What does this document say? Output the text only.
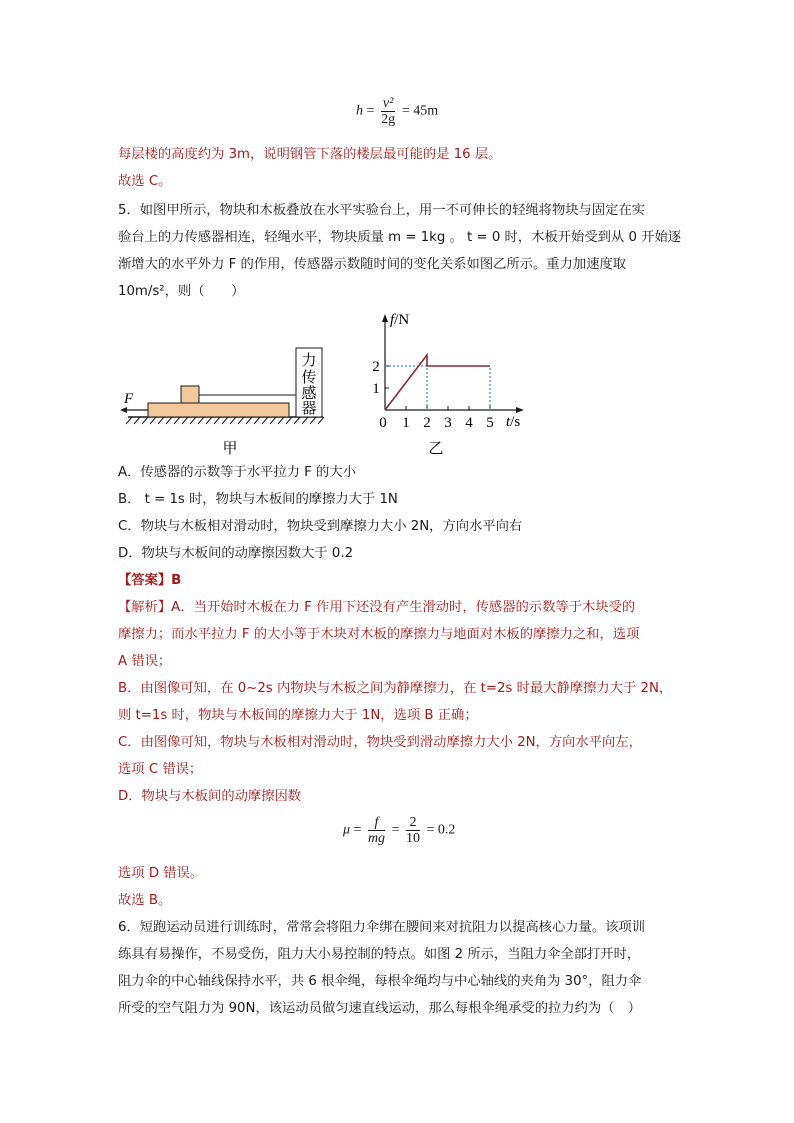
$h = \frac{\text{v²}}{2g} = 45m$
每层楼的高度约为 3m，说明钢管下落的楼层最可能的是 16 层。
故选 C。
5．如图甲所示，物块和木板叠放在水平实验台上，用一不可伸长的轻绳将物块与固定在实
验台上的力传感器相连，轻绳水平，物块质量 m = 1kg 。 t = 0 时，木板开始受到从 0 开始逐
渐增大的水平外力 F 的作用，传感器示数随时间的变化关系如图乙所示。重力加速度取
10m/s²，则（　　）
力
传
感
器
F
甲
f/N
t/s
0 1 2 3 4 5
1
2
乙
A．传感器的示数等于水平拉力 F 的大小
B． t = 1s 时，物块与木板间的摩擦力大于 1N
C．物块与木板相对滑动时，物块受到摩擦力大小 2N，方向水平向右
D．物块与木板间的动摩擦因数大于 0.2
【答案】B
【解析】A．当开始时木板在力 F 作用下还没有产生滑动时，传感器的示数等于木块受的
摩擦力；而水平拉力 F 的大小等于木块对木板的摩擦力与地面对木板的摩擦力之和，选项
A 错误；
B．由图像可知，在 0~2s 内物块与木板之间为静摩擦力，在 t=2s 时最大静摩擦力大于 2N，
则 t=1s 时，物块与木板间的摩擦力大于 1N，选项 B 正确；
C．由图像可知，物块与木板相对滑动时，物块受到滑动摩擦力大小 2N，方向水平向左，
选项 C 错误；
D．物块与木板间的动摩擦因数
$\mu = \frac{f}{mg} = \frac{2}{10} = 0.2$
选项 D 错误。
故选 B。
6．短跑运动员进行训练时，常常会将阻力伞绑在腰间来对抗阻力以提高核心力量。该项训
练具有易操作，不易受伤，阻力大小易控制的特点。如图 2 所示，当阻力伞全部打开时，
阻力伞的中心轴线保持水平，共 6 根伞绳，每根伞绳均与中心轴线的夹角为 30°，阻力伞
所受的空气阻力为 90N，该运动员做匀速直线运动，那么每根伞绳承受的拉力约为（　）
